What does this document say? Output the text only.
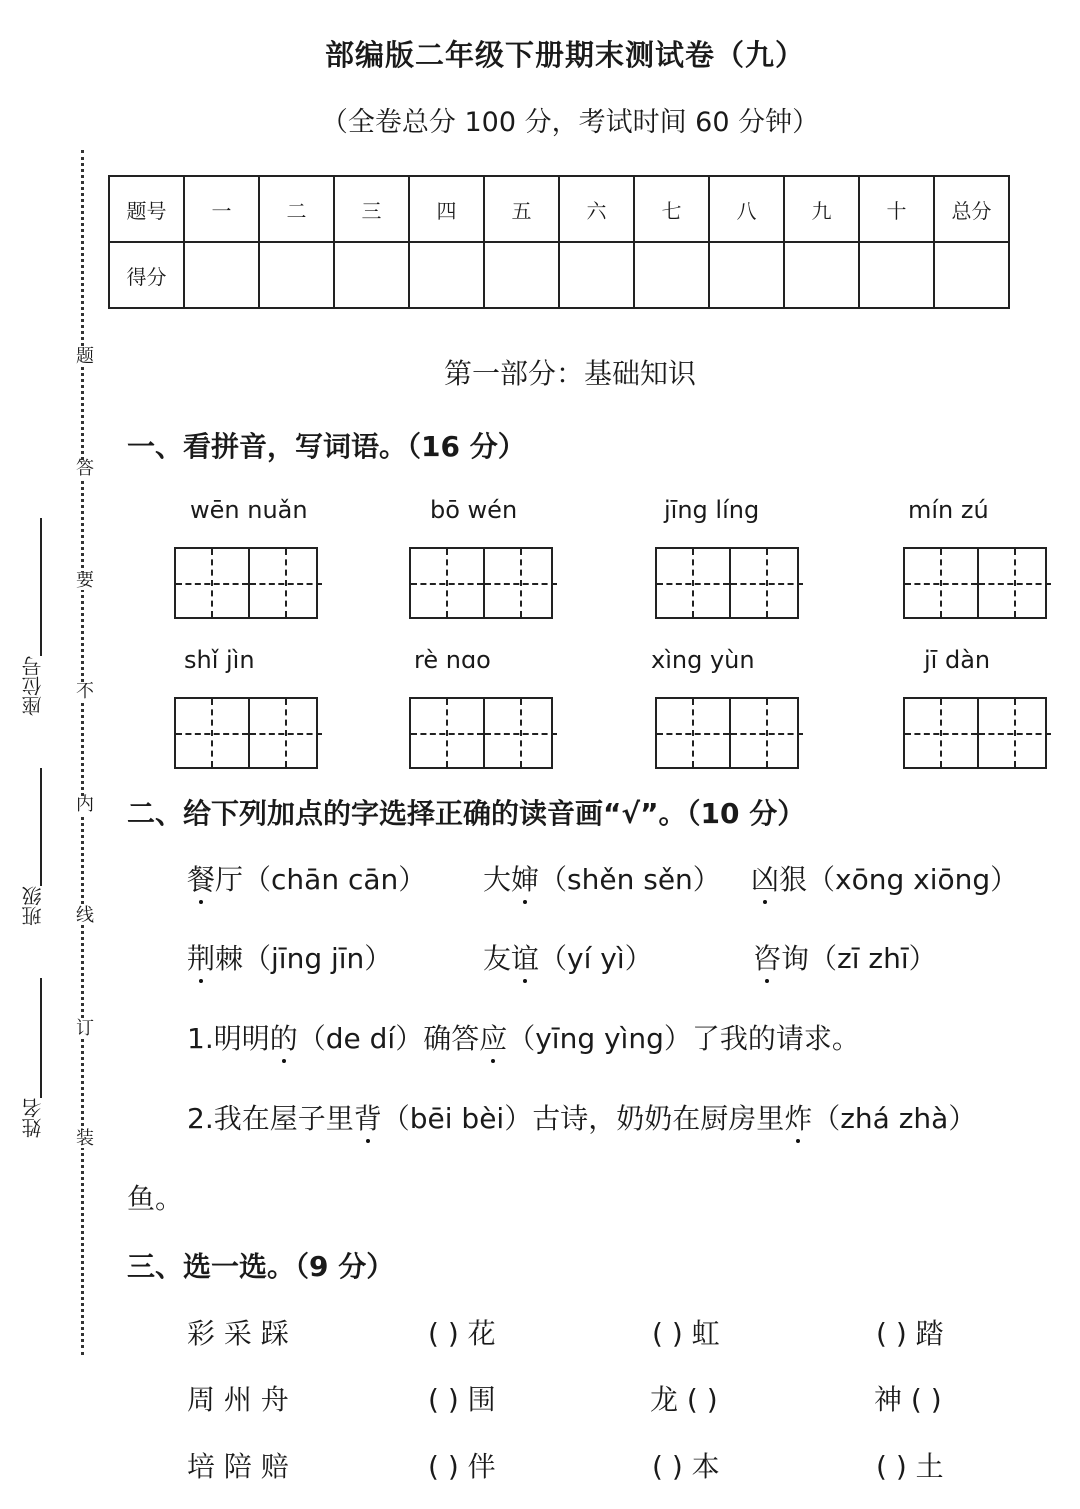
题
答
要
不
内
线
订
装
座位号
班级
姓名
部编版二年级下册期末测试卷（九）
（全卷总分 100 分，考试时间 60 分钟）
题号	一	二	三	四	五	六	七	八	九	十	总分
得分											
第一部分：基础知识
一、看拼音，写词语。（16 分）
wēn nuǎn	bō wén	jīng líng	mín zú
shǐ jìn	rè nɑo	xìng yùn	jī dàn
二、给下列加点的字选择正确的读音画“√”。（10 分）
餐厅（chān cān） 大婶（shěn sěn） 凶狠（xōng xiōng）
荆棘（jīng jīn）	友谊（yí yì）	咨询（zī zhī）
1.明明的（de dí）确答应（yīng yìng）了我的请求。
2.我在屋子里背（bēi bèi）古诗，奶奶在厨房里炸（zhá zhà）
鱼。
三、选一选。（9 分）
彩 采 踩	( ) 花	( ) 虹	( ) 踏
周 州 舟	( ) 围	龙 ( )	神 ( )
培 陪 赔	( ) 伴	( ) 本	( ) 土
